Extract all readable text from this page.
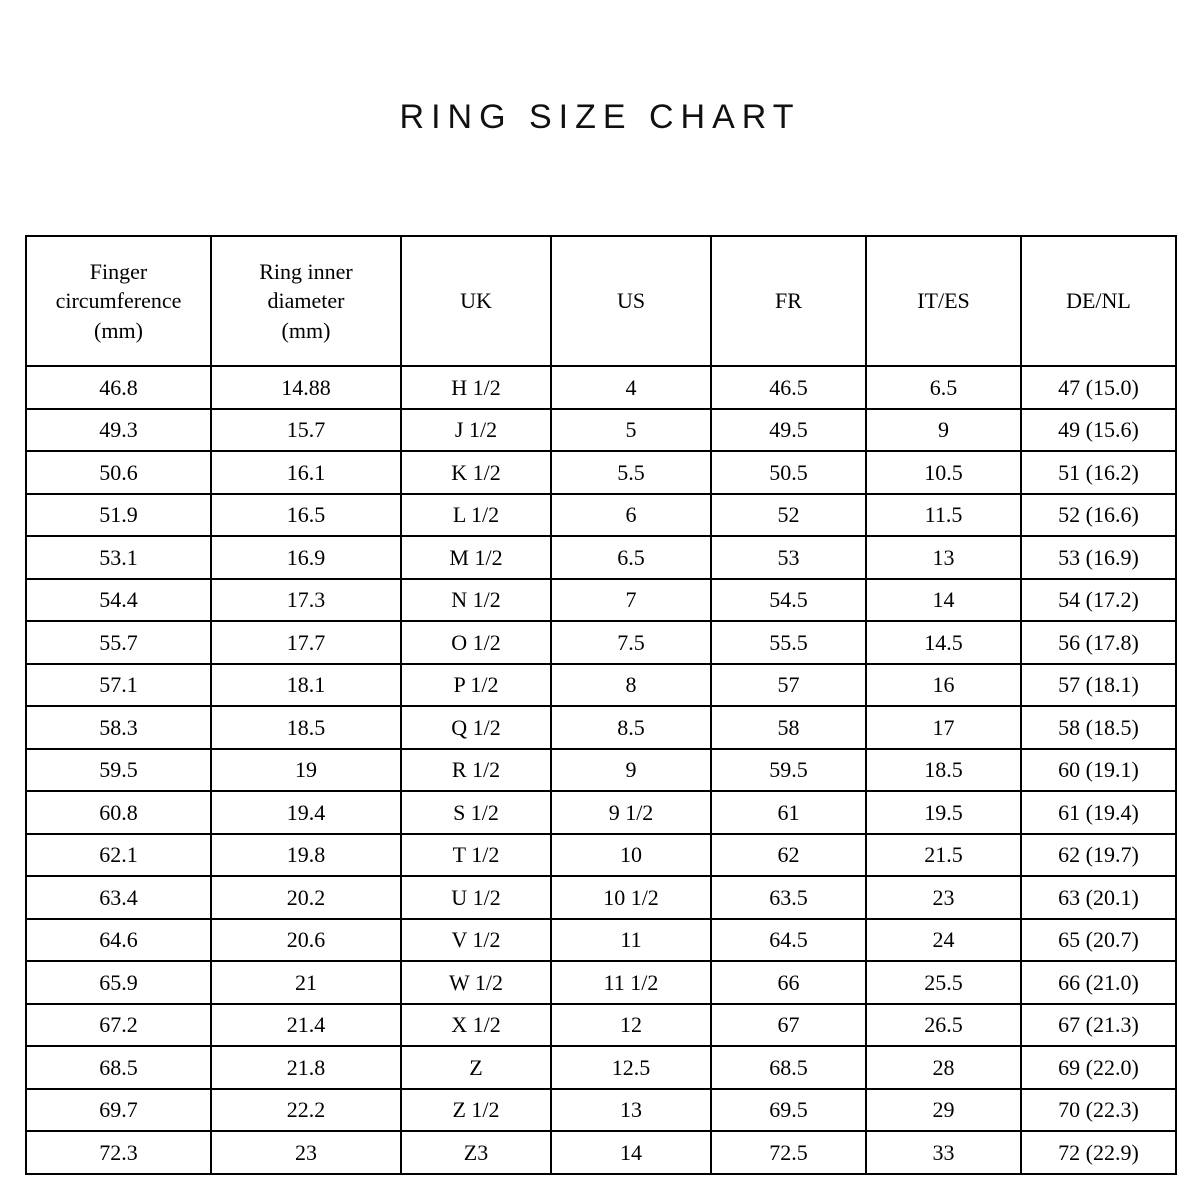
RING SIZE CHART
Finger
circumference
(mm)	Ring inner
diameter
(mm)	UK	US	FR	IT/ES	DE/NL

46.8	14.88	H 1/2	4	46.5	6.5	47 (15.0)
49.3	15.7	J 1/2	5	49.5	9	49 (15.6)
50.6	16.1	K 1/2	5.5	50.5	10.5	51 (16.2)
51.9	16.5	L 1/2	6	52	11.5	52 (16.6)
53.1	16.9	M 1/2	6.5	53	13	53 (16.9)
54.4	17.3	N 1/2	7	54.5	14	54 (17.2)
55.7	17.7	O 1/2	7.5	55.5	14.5	56 (17.8)
57.1	18.1	P 1/2	8	57	16	57 (18.1)
58.3	18.5	Q 1/2	8.5	58	17	58 (18.5)
59.5	19	R 1/2	9	59.5	18.5	60 (19.1)
60.8	19.4	S 1/2	9 1/2	61	19.5	61 (19.4)
62.1	19.8	T 1/2	10	62	21.5	62 (19.7)
63.4	20.2	U 1/2	10 1/2	63.5	23	63 (20.1)
64.6	20.6	V 1/2	11	64.5	24	65 (20.7)
65.9	21	W 1/2	11 1/2	66	25.5	66 (21.0)
67.2	21.4	X 1/2	12	67	26.5	67 (21.3)
68.5	21.8	Z	12.5	68.5	28	69 (22.0)
69.7	22.2	Z 1/2	13	69.5	29	70 (22.3)
72.3	23	Z3	14	72.5	33	72 (22.9)
